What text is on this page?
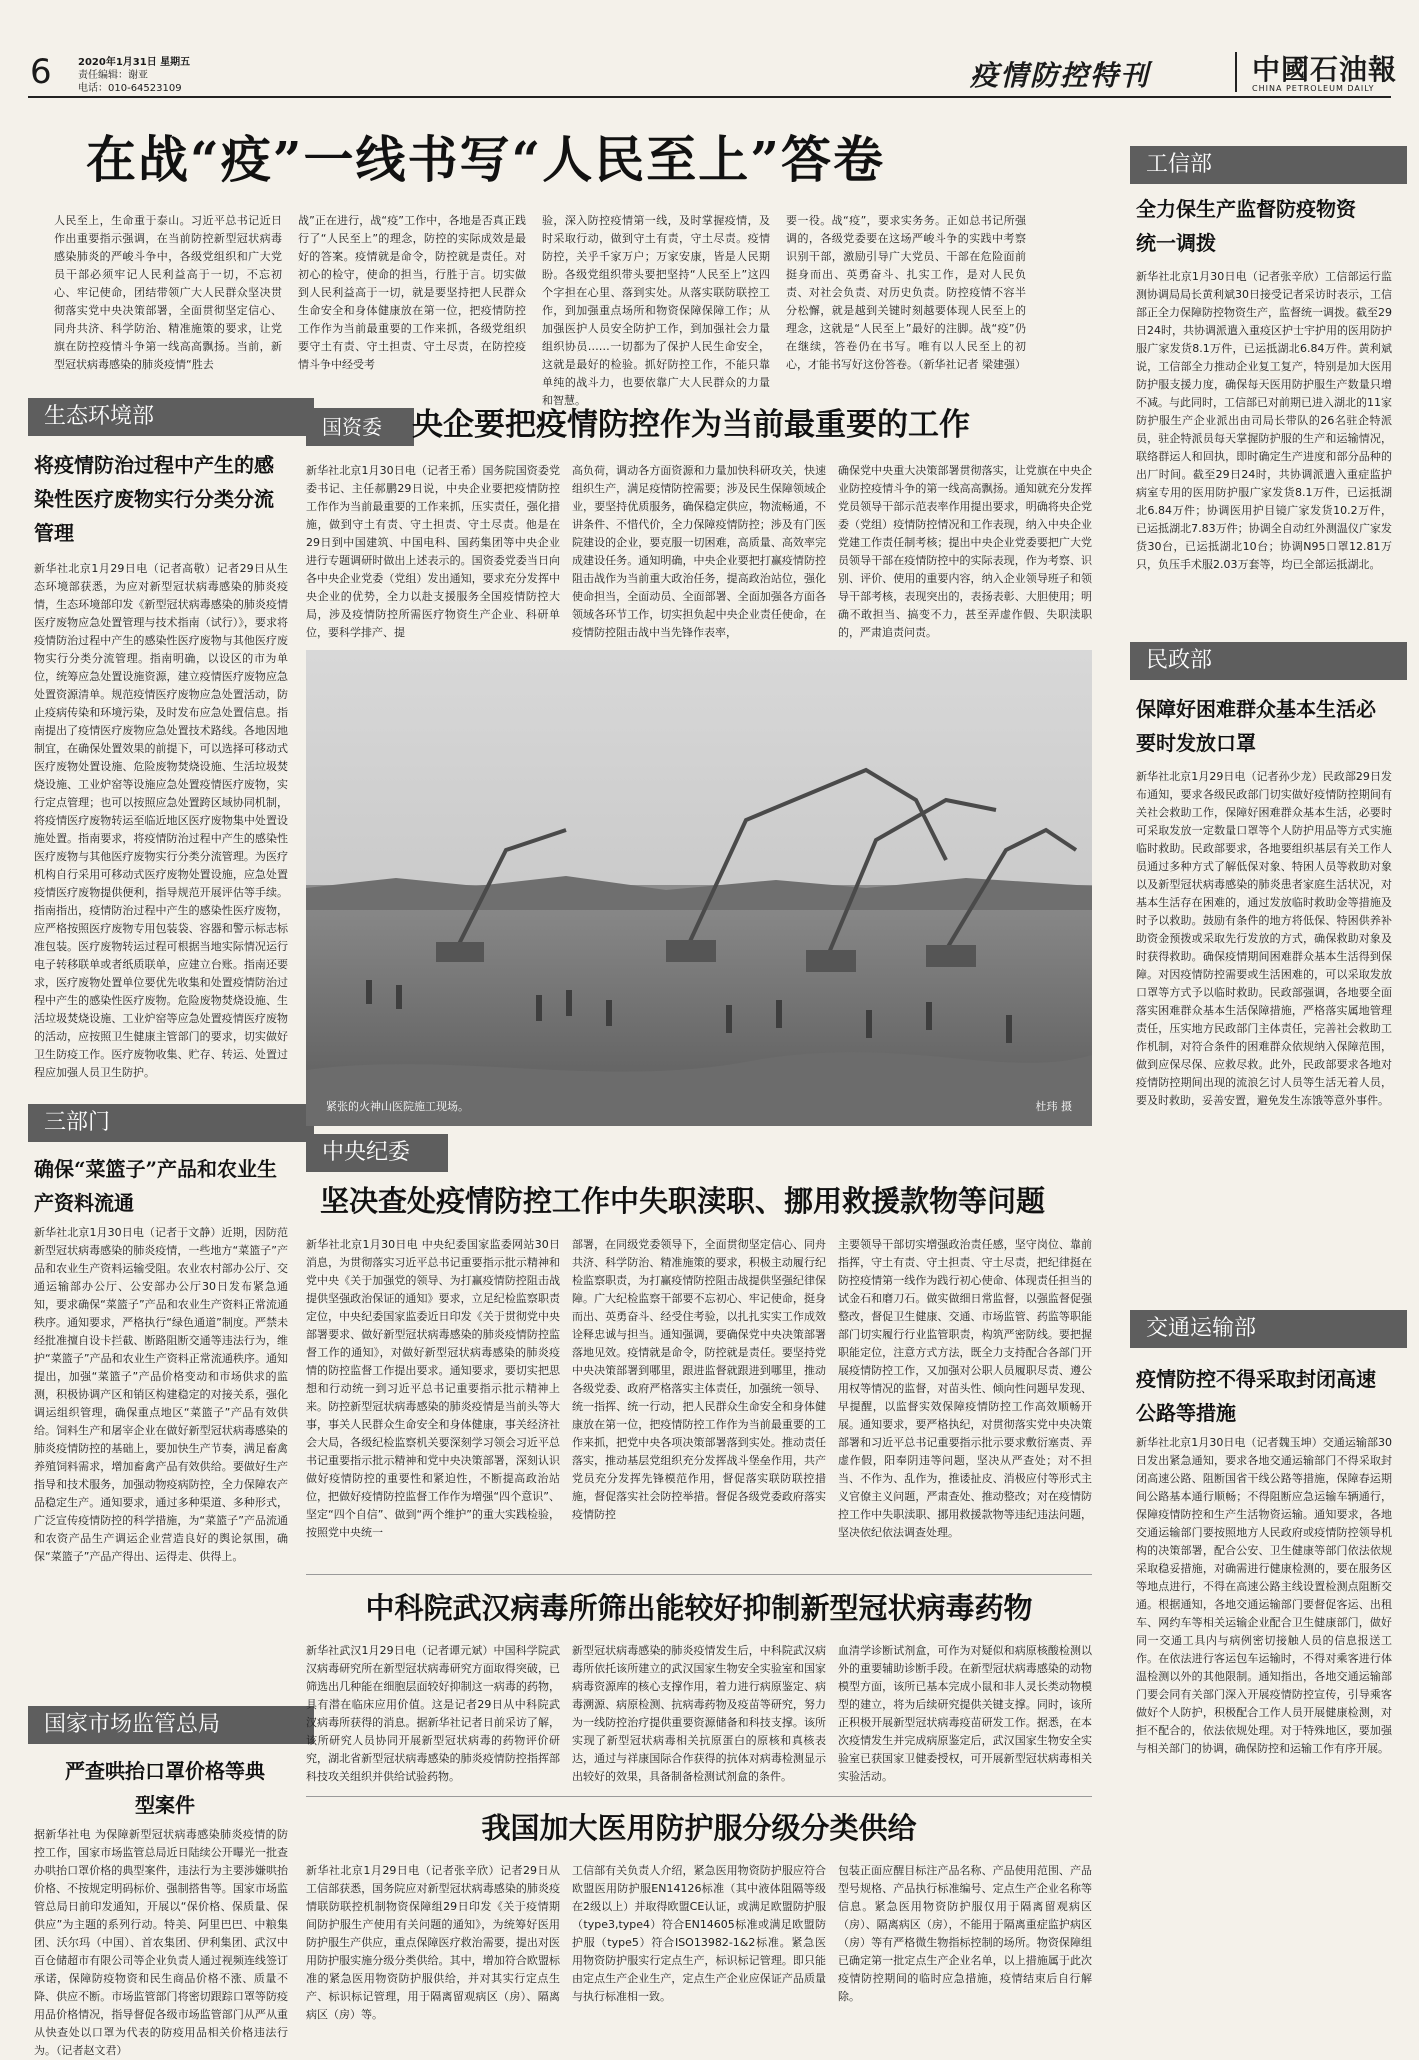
6	2020年1月31日 星期五
责任编辑：谢亚
电话：010-64523109	疫情防控特刊	中國石油報
CHINA PETROLEUM DAILY
在战“疫”一线书写“人民至上”答卷
人民至上，生命重于泰山。习近平总书记近日作出重要指示强调，在当前防控新型冠状病毒感染肺炎的严峻斗争中，各级党组织和广大党员干部必须牢记人民利益高于一切，不忘初心、牢记使命，团结带领广大人民群众坚决贯彻落实党中央决策部署，全面贯彻坚定信心、同舟共济、科学防治、精准施策的要求，让党旗在防控疫情斗争第一线高高飘扬。当前，新型冠状病毒感染的肺炎疫情“胜去
战”正在进行，战“疫”工作中，各地是否真正践行了“人民至上”的理念，防控的实际成效是最好的答案。疫情就是命令，防控就是责任。对初心的检守，使命的担当，行胜于言。切实做到人民利益高于一切，就是要坚持把人民群众生命安全和身体健康放在第一位，把疫情防控工作作为当前最重要的工作来抓，各级党组织要守土有责、守土担责、守土尽责，在防控疫情斗争中经受考
验，深入防控疫情第一线，及时掌握疫情，及时采取行动，做到守土有责，守土尽责。疫情防控，关乎千家万户；万家安康，皆是人民期盼。各级党组织带头要把坚持“人民至上”这四个字担在心里、落到实处。从落实联防联控工作，到加强重点场所和物资保障保障工作；从加强医护人员安全防护工作，到加强社会力量组织协员……一切都为了保护人民生命安全，这就是最好的检验。抓好防控工作，不能只靠单纯的战斗力，也要依靠广大人民群众的力量和智慧。
要一役。战“疫”，要求实务务。正如总书记所强调的，各级党委要在这场严峻斗争的实践中考察识别干部，激励引导广大党员、干部在危险面前挺身而出、英勇奋斗、扎实工作，是对人民负责、对社会负责、对历史负责。防控疫情不容半分松懈，就是越到关键时刻越要体现人民至上的理念，这就是“人民至上”最好的注脚。战“疫”仍在继续，答卷仍在书写。唯有以人民至上的初心，才能书写好这份答卷。（新华社记者 梁建强）
生态环境部
将疫情防治过程中产生的感染性医疗废物实行分类分流管理
新华社北京1月29日电（记者高敬）记者29日从生态环境部获悉，为应对新型冠状病毒感染的肺炎疫情，生态环境部印发《新型冠状病毒感染的肺炎疫情医疗废物应急处置管理与技术指南（试行）》，要求将疫情防治过程中产生的感染性医疗废物与其他医疗废物实行分类分流管理。指南明确，以设区的市为单位，统筹应急处置设施资源，建立疫情医疗废物应急处置资源清单。规范疫情医疗废物应急处置活动，防止疫病传染和环境污染，及时发布应急处置信息。指南提出了疫情医疗废物应急处置技术路线。各地因地制宜，在确保处置效果的前提下，可以选择可移动式医疗废物处置设施、危险废物焚烧设施、生活垃圾焚烧设施、工业炉窑等设施应急处置疫情医疗废物，实行定点管理；也可以按照应急处置跨区域协同机制，将疫情医疗废物转运至临近地区医疗废物集中处置设施处置。指南要求，将疫情防治过程中产生的感染性医疗废物与其他医疗废物实行分类分流管理。为医疗机构自行采用可移动式医疗废物处置设施，应急处置疫情医疗废物提供便利，指导规范开展评估等手续。指南指出，疫情防治过程中产生的感染性医疗废物，应严格按照医疗废物专用包装袋、容器和警示标志标准包装。医疗废物转运过程可根据当地实际情况运行电子转移联单或者纸质联单，应建立台账。指南还要求，医疗废物处置单位要优先收集和处置疫情防治过程中产生的感染性医疗废物。危险废物焚烧设施、生活垃圾焚烧设施、工业炉窑等应急处置疫情医疗废物的活动，应按照卫生健康主管部门的要求，切实做好卫生防疫工作。医疗废物收集、贮存、转运、处置过程应加强人员卫生防护。
三部门
确保“菜篮子”产品和农业生产资料流通
新华社北京1月30日电（记者于文静）近期，因防范新型冠状病毒感染的肺炎疫情，一些地方“菜篮子”产品和农业生产资料运输受阻。农业农村部办公厅、交通运输部办公厅、公安部办公厅30日发布紧急通知，要求确保“菜篮子”产品和农业生产资料正常流通秩序。通知要求，严格执行“绿色通道”制度。严禁未经批准擅自设卡拦截、断路阻断交通等违法行为，维护“菜篮子”产品和农业生产资料正常流通秩序。通知提出，加强“菜篮子”产品价格变动和市场供求的监测，积极协调产区和销区构建稳定的对接关系，强化调运组织管理，确保重点地区“菜篮子”产品有效供给。饲料生产和屠宰企业在做好新型冠状病毒感染的肺炎疫情防控的基础上，要加快生产节奏，满足畜禽养殖饲料需求，增加畜禽产品有效供给。要做好生产指导和技术服务，加强动物疫病防控，全力保障农产品稳定生产。通知要求，通过多种渠道、多种形式，广泛宣传疫情防控的科学措施，为“菜篮子”产品流通和农资产品生产调运企业营造良好的舆论氛围，确保“菜篮子”产品产得出、运得走、供得上。
国家市场监管总局
严查哄抬口罩价格等典型案件
据新华社电 为保障新型冠状病毒感染肺炎疫情的防控工作，国家市场监管总局近日陆续公开曝光一批查办哄抬口罩价格的典型案件，违法行为主要涉嫌哄抬价格、不按规定明码标价、强制搭售等。国家市场监管总局日前印发通知，开展以“保价格、保质量、保供应”为主题的系列行动。特美、阿里巴巴、中粮集团、沃尔玛（中国）、首农集团、伊利集团、武汉中百仓储超市有限公司等企业负责人通过视频连线签订承诺，保障防疫物资和民生商品价格不涨、质量不降、供应不断。市场监管部门将密切跟踪口罩等防疫用品价格情况，指导督促各级市场监管部门从严从重从快查处以口罩为代表的防疫用品相关价格违法行为。（记者赵文君）
国资委 央企要把疫情防控作为当前最重要的工作
新华社北京1月30日电（记者王希）国务院国资委党委书记、主任郝鹏29日说，中央企业要把疫情防控工作作为当前最重要的工作来抓，压实责任，强化措施，做到守土有责、守土担责、守土尽责。他是在29日到中国建筑、中国电科、国药集团等中央企业进行专题调研时做出上述表示的。国资委党委当日向各中央企业党委（党组）发出通知，要求充分发挥中央企业的优势，全力以赴支援服务全国疫情防控大局，涉及疫情防控所需医疗物资生产企业、科研单位，要科学排产、提
高负荷，调动各方面资源和力量加快科研攻关，快速组织生产，满足疫情防控需要；涉及民生保障领域企业，要坚持优质服务，确保稳定供应，物流畅通，不讲条件、不惜代价，全力保障疫情防控；涉及有门医院建设的企业，要克服一切困难，高质量、高效率完成建设任务。通知明确，中央企业要把打赢疫情防控阻击战作为当前重大政治任务，提高政治站位，强化使命担当，全面动员、全面部署、全面加强各方面各领域各环节工作，切实担负起中央企业责任使命，在疫情防控阻击战中当先锋作表率，
确保党中央重大决策部署贯彻落实，让党旗在中央企业防控疫情斗争的第一线高高飘扬。通知就充分发挥党员领导干部示范表率作用提出要求，明确将央企党委（党组）疫情防控情况和工作表现，纳入中央企业党建工作责任制考核；提出中央企业党委要把广大党员领导干部在疫情防控中的实际表现，作为考察、识别、评价、使用的重要内容，纳入企业领导班子和领导干部考核，表现突出的，表扬表彰、大胆使用；明确不敢担当、搞变不力，甚至弄虚作假、失职渎职的，严肃追责问责。
紧张的火神山医院施工现场。	杜玮 摄
中央纪委
坚决查处疫情防控工作中失职渎职、挪用救援款物等问题
新华社北京1月30日电 中央纪委国家监委网站30日消息，为贯彻落实习近平总书记重要指示批示精神和党中央《关于加强党的领导、为打赢疫情防控阻击战提供坚强政治保证的通知》要求，立足纪检监察职责定位，中央纪委国家监委近日印发《关于贯彻党中央部署要求、做好新型冠状病毒感染的肺炎疫情防控监督工作的通知》，对做好新型冠状病毒感染的肺炎疫情的防控监督工作提出要求。通知要求，要切实把思想和行动统一到习近平总书记重要指示批示精神上来。防控新型冠状病毒感染的肺炎疫情是当前头等大事，事关人民群众生命安全和身体健康，事关经济社会大局，各级纪检监察机关要深刻学习领会习近平总书记重要指示批示精神和党中央决策部署，深刻认识做好疫情防控的重要性和紧迫性，不断提高政治站位，把做好疫情防控监督工作作为增强“四个意识”、坚定“四个自信”、做到“两个维护”的重大实践检验，按照党中央统一
部署，在同级党委领导下，全面贯彻坚定信心、同舟共济、科学防治、精准施策的要求，积极主动履行纪检监察职责，为打赢疫情防控阻击战提供坚强纪律保障。广大纪检监察干部要不忘初心、牢记使命，挺身而出、英勇奋斗、经受住考验，以扎扎实实工作成效诠释忠诚与担当。通知强调，要确保党中央决策部署落地见效。疫情就是命令，防控就是责任。要坚持党中央决策部署到哪里，跟进监督就跟进到哪里，推动各级党委、政府严格落实主体责任，加强统一领导、统一指挥、统一行动，把人民群众生命安全和身体健康放在第一位，把疫情防控工作作为当前最重要的工作来抓，把党中央各项决策部署落到实处。推动责任落实，推动基层党组织充分发挥战斗堡垒作用，共产党员充分发挥先锋模范作用，督促落实联防联控措施，督促落实社会防控举措。督促各级党委政府落实疫情防控
主要领导干部切实增强政治责任感，坚守岗位、靠前指挥，守土有责、守土担责、守土尽责，把纪律挺在防控疫情第一线作为践行初心使命、体现责任担当的试金石和磨刀石。做实做细日常监督，以强监督促强整改，督促卫生健康、交通、市场监管、药监等职能部门切实履行行业监管职责，构筑严密防线。要把握职能定位，注意方式方法，既全力支持配合各部门开展疫情防控工作，又加强对公职人员履职尽责、遵公用权等情况的监督，对苗头性、倾向性问题早发现、早提醒，以监督实效保障疫情防控工作高效顺畅开展。通知要求，要严格执纪，对贯彻落实党中央决策部署和习近平总书记重要指示批示要求敷衍塞责、弄虚作假，阳奉阴违等问题，坚决从严查处；对不担当、不作为、乱作为，推诿扯皮、消极应付等形式主义官僚主义问题，严肃查处、推动整改；对在疫情防控工作中失职渎职、挪用救援款物等违纪违法问题，坚决依纪依法调查处理。
中科院武汉病毒所筛出能较好抑制新型冠状病毒药物
新华社武汉1月29日电（记者谭元斌）中国科学院武汉病毒研究所在新型冠状病毒研究方面取得突破，已筛选出几种能在细胞层面较好抑制这一病毒的药物，具有潜在临床应用价值。这是记者29日从中科院武汉病毒所获得的消息。据新华社记者日前采访了解，该所研究人员协同开展新型冠状病毒的药物评价研究，湖北省新型冠状病毒感染的肺炎疫情防控指挥部科技攻关组织并供给试验药物。
新型冠状病毒感染的肺炎疫情发生后，中科院武汉病毒所依托该所建立的武汉国家生物安全实验室和国家病毒资源库的核心支撑作用，着力进行病原鉴定、病毒溯源、病原检测、抗病毒药物及疫苗等研究，努力为一线防控治疗提供重要资源储备和科技支撑。该所实现了新型冠状病毒相关抗原蛋白的原核和真核表达，通过与祥康国际合作获得的抗体对病毒检测显示出较好的效果，具备制备检测试剂盒的条件。
血清学诊断试剂盒，可作为对疑似和病原核酸检测以外的重要辅助诊断手段。在新型冠状病毒感染的动物模型方面，该所已基本完成小鼠和非人灵长类动物模型的建立，将为后续研究提供关键支撑。同时，该所正积极开展新型冠状病毒疫苗研发工作。据悉，在本次疫情发生并完成病原鉴定后，武汉国家生物安全实验室已获国家卫健委授权，可开展新型冠状病毒相关实验活动。
我国加大医用防护服分级分类供给
新华社北京1月29日电（记者张辛欣）记者29日从工信部获悉，国务院应对新型冠状病毒感染的肺炎疫情联防联控机制物资保障组29日印发《关于疫情期间防护服生产使用有关问题的通知》，为统筹好医用防护服生产供应，重点保障医疗救治需要，提出对医用防护服实施分级分类供给。其中，增加符合欧盟标准的紧急医用物资防护服供给，并对其实行定点生产、标识标记管理，用于隔离留观病区（房）、隔离病区（房）等。
工信部有关负责人介绍，紧急医用物资防护服应符合欧盟医用防护服EN14126标准（其中液体阻隔等级在2级以上）并取得欧盟CE认证，或满足欧盟防护服（type3,type4）符合EN14605标准或满足欧盟防护服（type5）符合ISO13982-1&2标准。紧急医用物资防护服实行定点生产，标识标记管理。即只能由定点生产企业生产，定点生产企业应保证产品质量与执行标准相一致。
包装正面应醒目标注产品名称、产品使用范围、产品型号规格、产品执行标准编号、定点生产企业名称等信息。紧急医用物资防护服仅用于隔离留观病区（房）、隔离病区（房），不能用于隔离重症监护病区（房）等有严格微生物指标控制的场所。物资保障组已确定第一批定点生产企业名单，以上措施属于此次疫情防控期间的临时应急措施，疫情结束后自行解除。
工信部
全力保生产监督防疫物资统一调拨
新华社北京1月30日电（记者张辛欣）工信部运行监测协调局局长黄利斌30日接受记者采访时表示，工信部正全力保障防控物资生产，监督统一调拨。截至29日24时，共协调派遣入重疫区护士宇护用的医用防护服广家发货8.1万件，已运抵湖北6.84万件。黄利斌说，工信部全力推动企业复工复产，特别是加大医用防护服支援力度，确保每天医用防护服生产数量只增不减。与此同时，工信部已对前期已进入湖北的11家防护服生产企业派出由司局长带队的26名驻企特派员，驻企特派员每天掌握防护服的生产和运输情况，联络群运人和回执，即时确定生产进度和部分品种的出厂时间。截至29日24时，共协调派遣入重症监护病室专用的医用防护服广家发货8.1万件，已运抵湖北6.84万件；协调医用护目镜广家发货10.2万件，已运抵湖北7.83万件；协调全自动红外测温仪广家发货30台，已运抵湖北10台；协调N95口罩12.81万只，负压手术服2.03万套等，均已全部运抵湖北。
民政部
保障好困难群众基本生活必要时发放口罩
新华社北京1月29日电（记者孙少龙）民政部29日发布通知，要求各级民政部门切实做好疫情防控期间有关社会救助工作，保障好困难群众基本生活，必要时可采取发放一定数量口罩等个人防护用品等方式实施临时救助。民政部要求，各地要组织基层有关工作人员通过多种方式了解低保对象、特困人员等救助对象以及新型冠状病毒感染的肺炎患者家庭生活状况，对基本生活存在困难的，通过发放临时救助金等措施及时予以救助。鼓励有条件的地方将低保、特困供养补助资金预拨或采取先行发放的方式，确保救助对象及时获得救助。确保疫情期间困难群众基本生活得到保障。对因疫情防控需要或生活困难的，可以采取发放口罩等方式予以临时救助。民政部强调，各地要全面落实困难群众基本生活保障措施，严格落实属地管理责任，压实地方民政部门主体责任，完善社会救助工作机制，对符合条件的困难群众依规纳入保障范围，做到应保尽保、应救尽救。此外，民政部要求各地对疫情防控期间出现的流浪乞讨人员等生活无着人员，要及时救助，妥善安置，避免发生冻饿等意外事件。
交通运输部
疫情防控不得采取封闭高速公路等措施
新华社北京1月30日电（记者魏玉坤）交通运输部30日发出紧急通知，要求各地交通运输部门不得采取封闭高速公路、阻断国省干线公路等措施，保障春运期间公路基本通行顺畅；不得阻断应急运输车辆通行，保障疫情防控和生产生活物资运输。通知要求，各地交通运输部门要按照地方人民政府或疫情防控领导机构的决策部署，配合公安、卫生健康等部门依法依规采取稳妥措施，对确需进行健康检测的，要在服务区等地点进行，不得在高速公路主线设置检测点阻断交通。根据通知，各地交通运输部门要督促客运、出租车、网约车等相关运输企业配合卫生健康部门，做好同一交通工具内与病例密切接触人员的信息报送工作。在依法进行客运包车运输时，不得对乘客进行体温检测以外的其他限制。通知指出，各地交通运输部门要会同有关部门深入开展疫情防控宣传，引导乘客做好个人防护，积极配合工作人员开展健康检测，对拒不配合的，依法依规处理。对于特殊地区，要加强与相关部门的协调，确保防控和运输工作有序开展。
